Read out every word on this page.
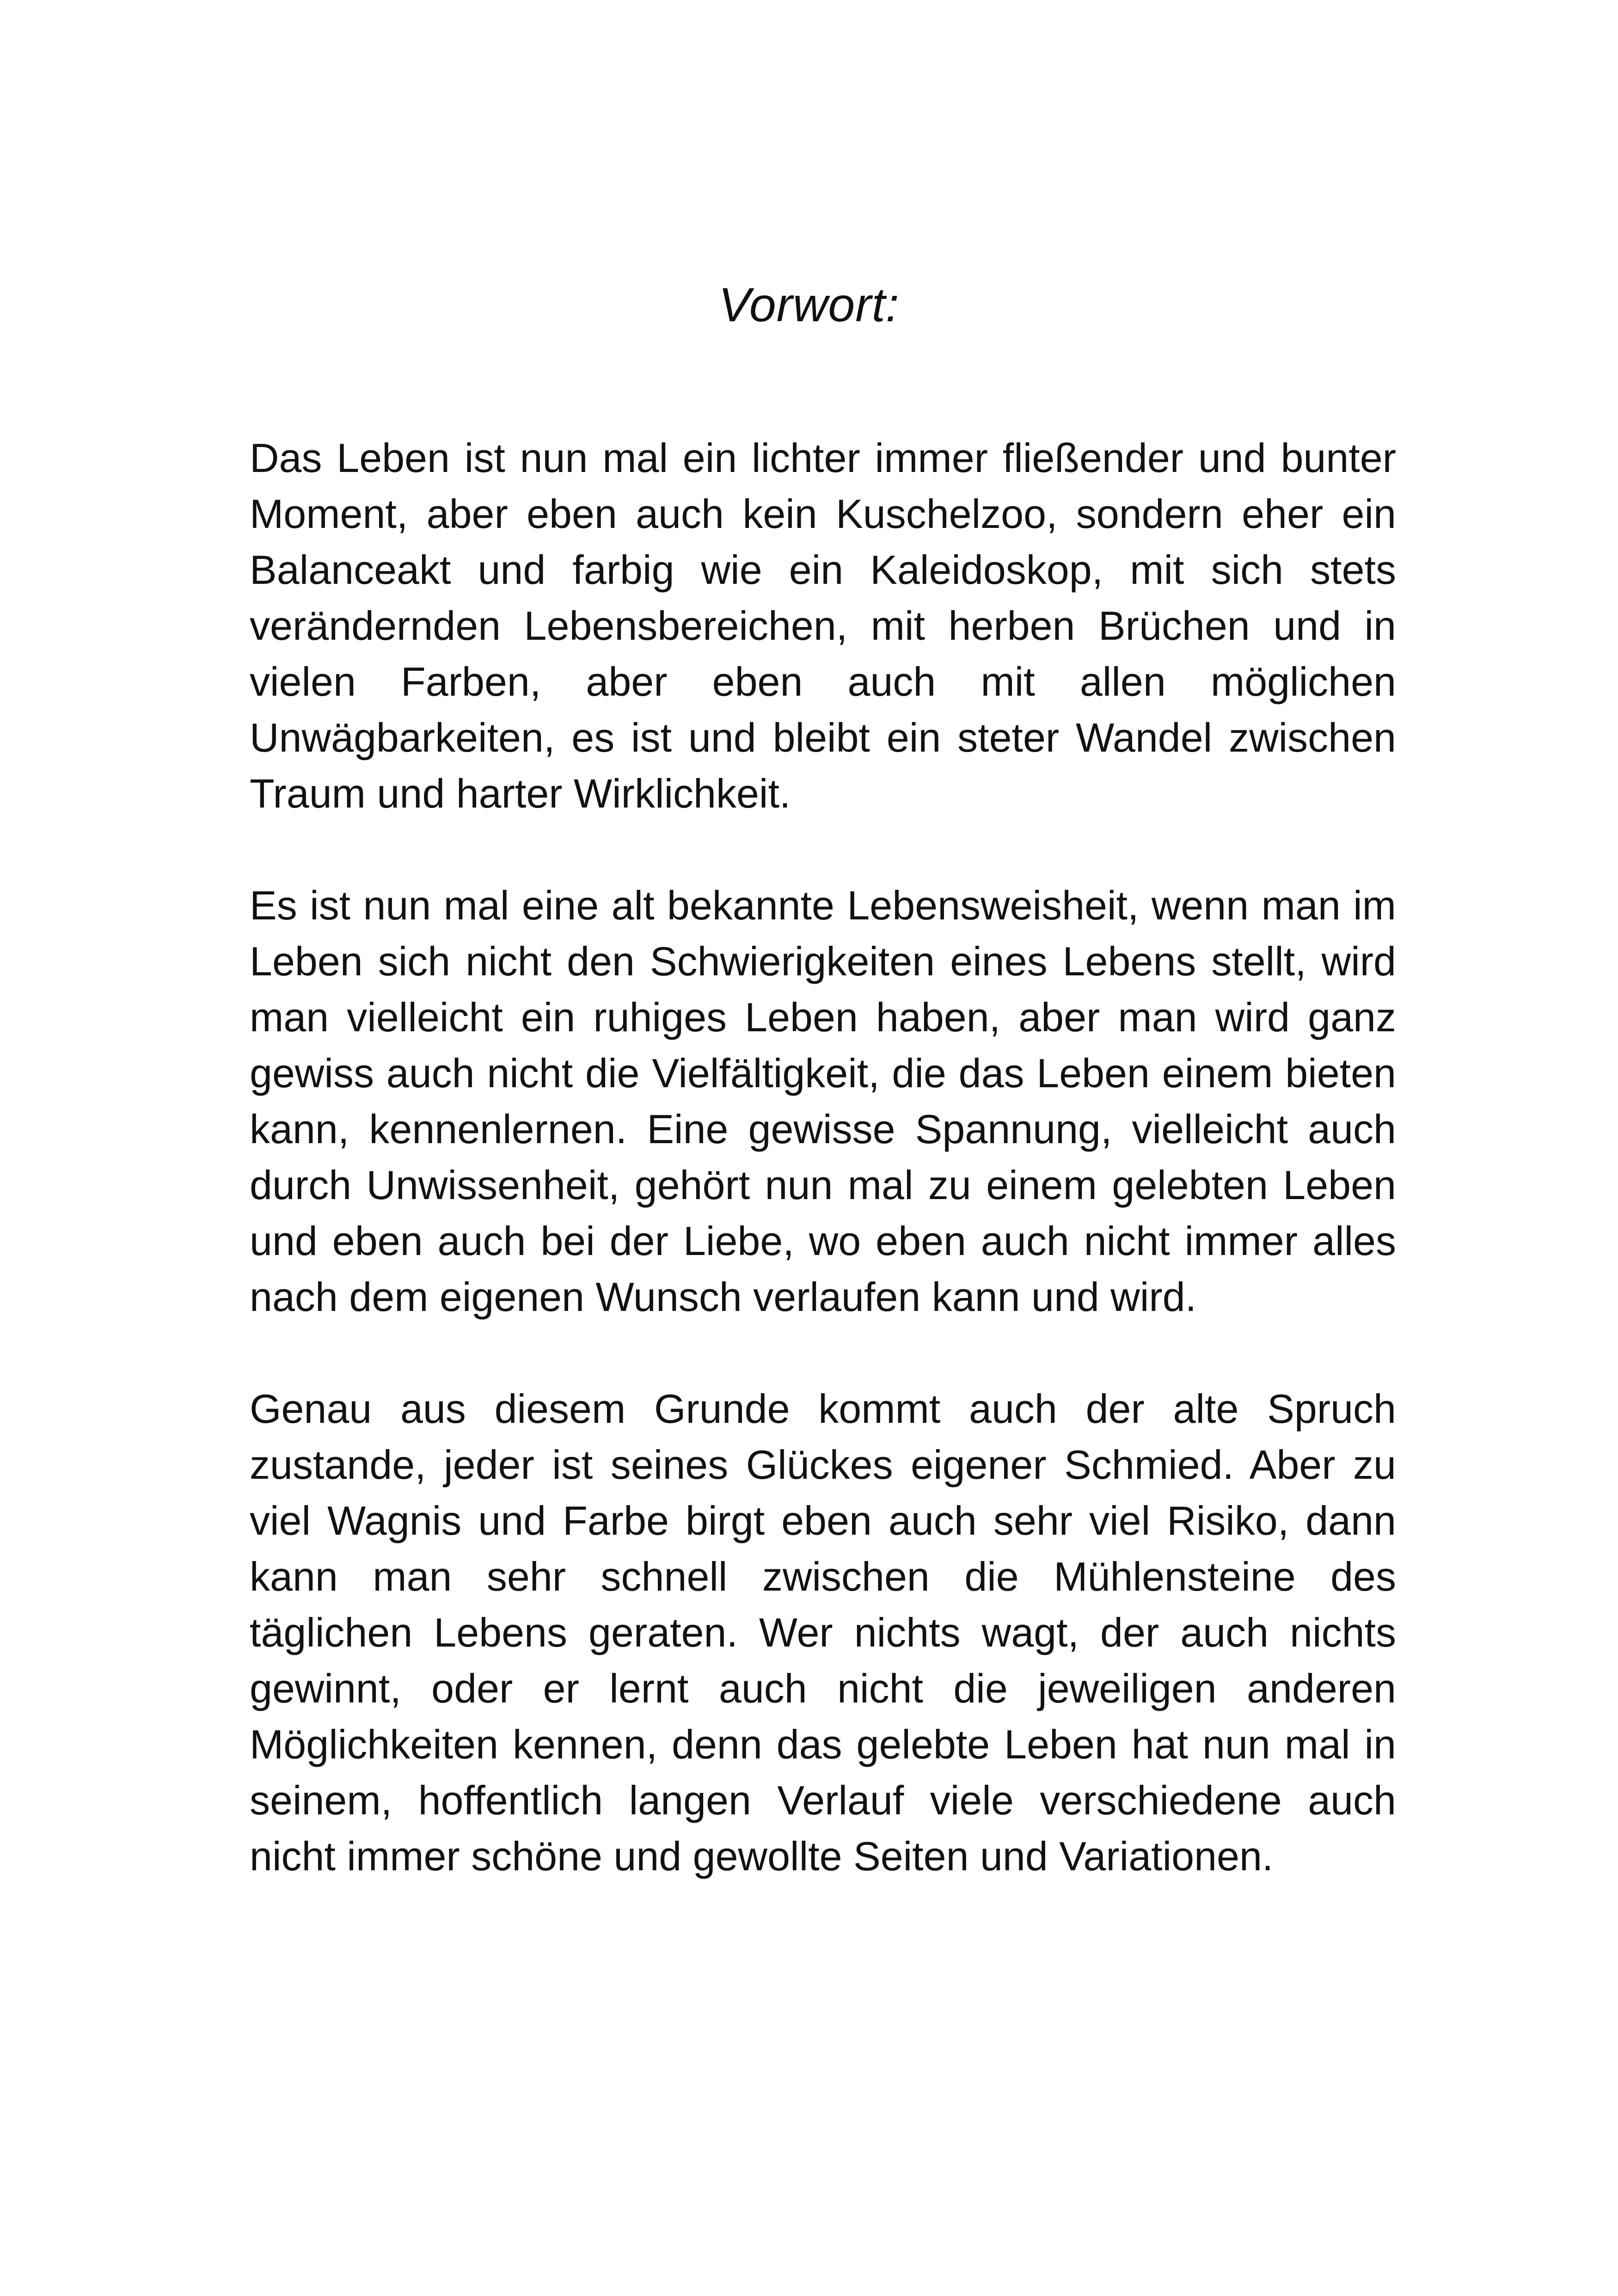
Vorwort:

Das Leben ist nun mal ein lichter immer fließender und bunter Moment, aber eben auch kein Kuschelzoo, sondern eher ein Balanceakt und farbig wie ein Kaleidoskop, mit sich stets verändernden Lebensbereichen, mit herben Brüchen und in vielen Farben, aber eben auch mit allen möglichen Unwägbarkeiten, es ist und bleibt ein steter Wandel zwischen Traum und harter Wirklichkeit.

Es ist nun mal eine alt bekannte Lebensweisheit, wenn man im Leben sich nicht den Schwierigkeiten eines Lebens stellt, wird man vielleicht ein ruhiges Leben haben, aber man wird ganz gewiss auch nicht die Vielfältigkeit, die das Leben einem bieten kann, kennenlernen. Eine gewisse Spannung, vielleicht auch durch Unwissenheit, gehört nun mal zu einem gelebten Leben und eben auch bei der Liebe, wo eben auch nicht immer alles nach dem eigenen Wunsch verlaufen kann und wird.

Genau aus diesem Grunde kommt auch der alte Spruch zustande, jeder ist seines Glückes eigener Schmied. Aber zu viel Wagnis und Farbe birgt eben auch sehr viel Risiko, dann kann man sehr schnell zwischen die Mühlensteine des täglichen Lebens geraten. Wer nichts wagt, der auch nichts gewinnt, oder er lernt auch nicht die jeweiligen anderen Möglichkeiten kennen, denn das gelebte Leben hat nun mal in seinem, hoffentlich langen Verlauf viele verschiedene auch nicht immer schöne und gewollte Seiten und Variationen.
